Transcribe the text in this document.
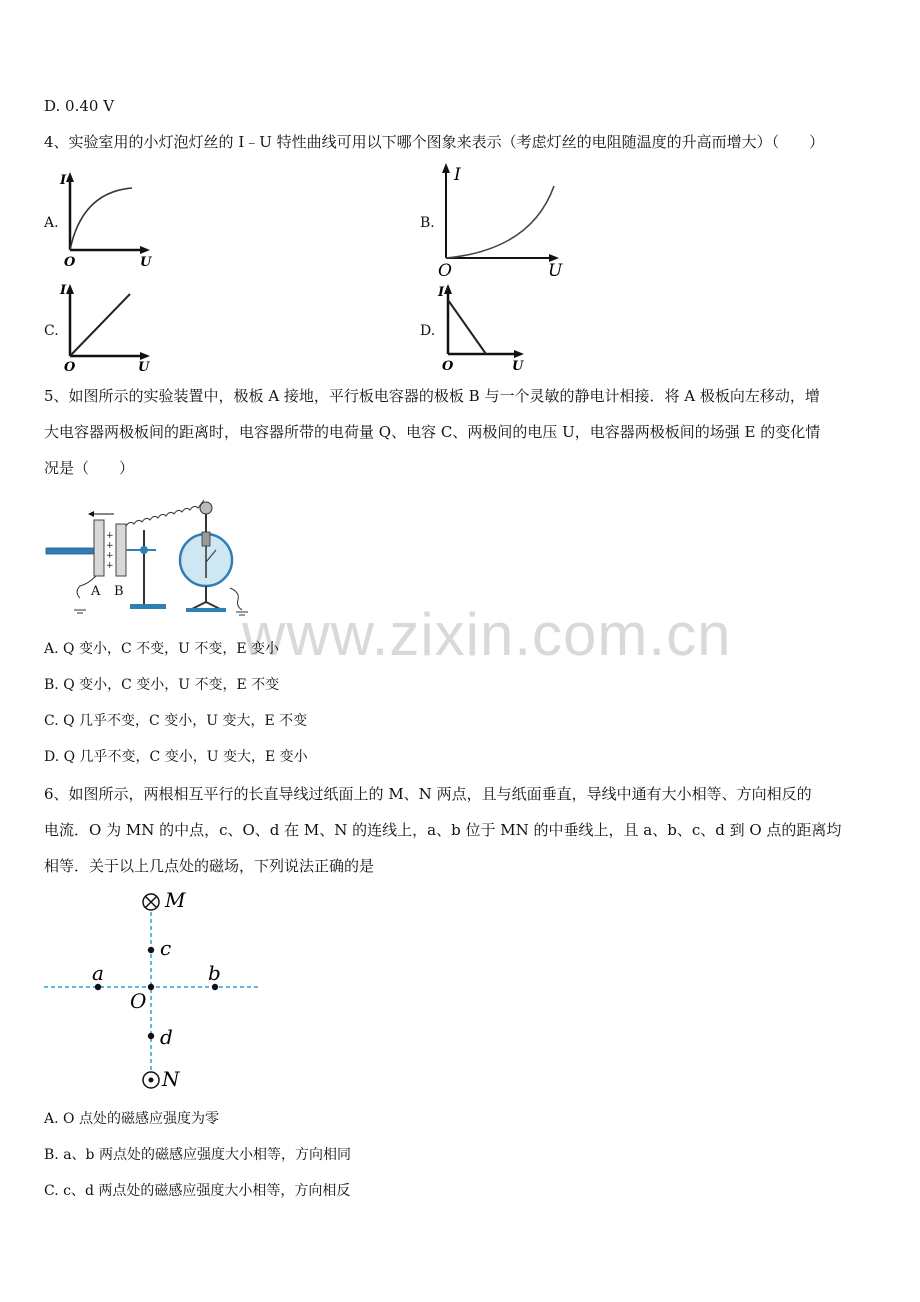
www.zixin.com.cn
D. 0.40 V
4、实验室用的小灯泡灯丝的 I﹣U 特性曲线可用以下哪个图象来表示（考虑灯丝的电阻随温度的升高而增大）（　　）
A.
I
O	U
B.
I
O	U
C.
I
O	U
D.
I
O	U
5、如图所示的实验装置中，极板 A 接地，平行板电容器的极板 B 与一个灵敏的静电计相接．将 A 极板向左移动，增
大电容器两极板间的距离时，电容器所带的电荷量 Q、电容 C、两极间的电压 U，电容器两极板间的场强 E 的变化情
况是（　　）
+
+
+
+
A B
A. Q 变小，C 不变，U 不变，E 变小
B. Q 变小，C 变小，U 不变，E 不变
C. Q 几乎不变，C 变小，U 变大，E 不变
D. Q 几乎不变，C 变小，U 变大，E 变小
6、如图所示，两根相互平行的长直导线过纸面上的 M、N 两点，且与纸面垂直，导线中通有大小相等、方向相反的
电流．O 为 MN 的中点，c、O、d 在 M、N 的连线上，a、b 位于 MN 的中垂线上，且 a、b、c、d 到 O 点的距离均
相等．关于以上几点处的磁场，下列说法正确的是
M
N
c
a	b
O
d
A. O 点处的磁感应强度为零
B. a、b 两点处的磁感应强度大小相等，方向相同
C. c、d 两点处的磁感应强度大小相等，方向相反
